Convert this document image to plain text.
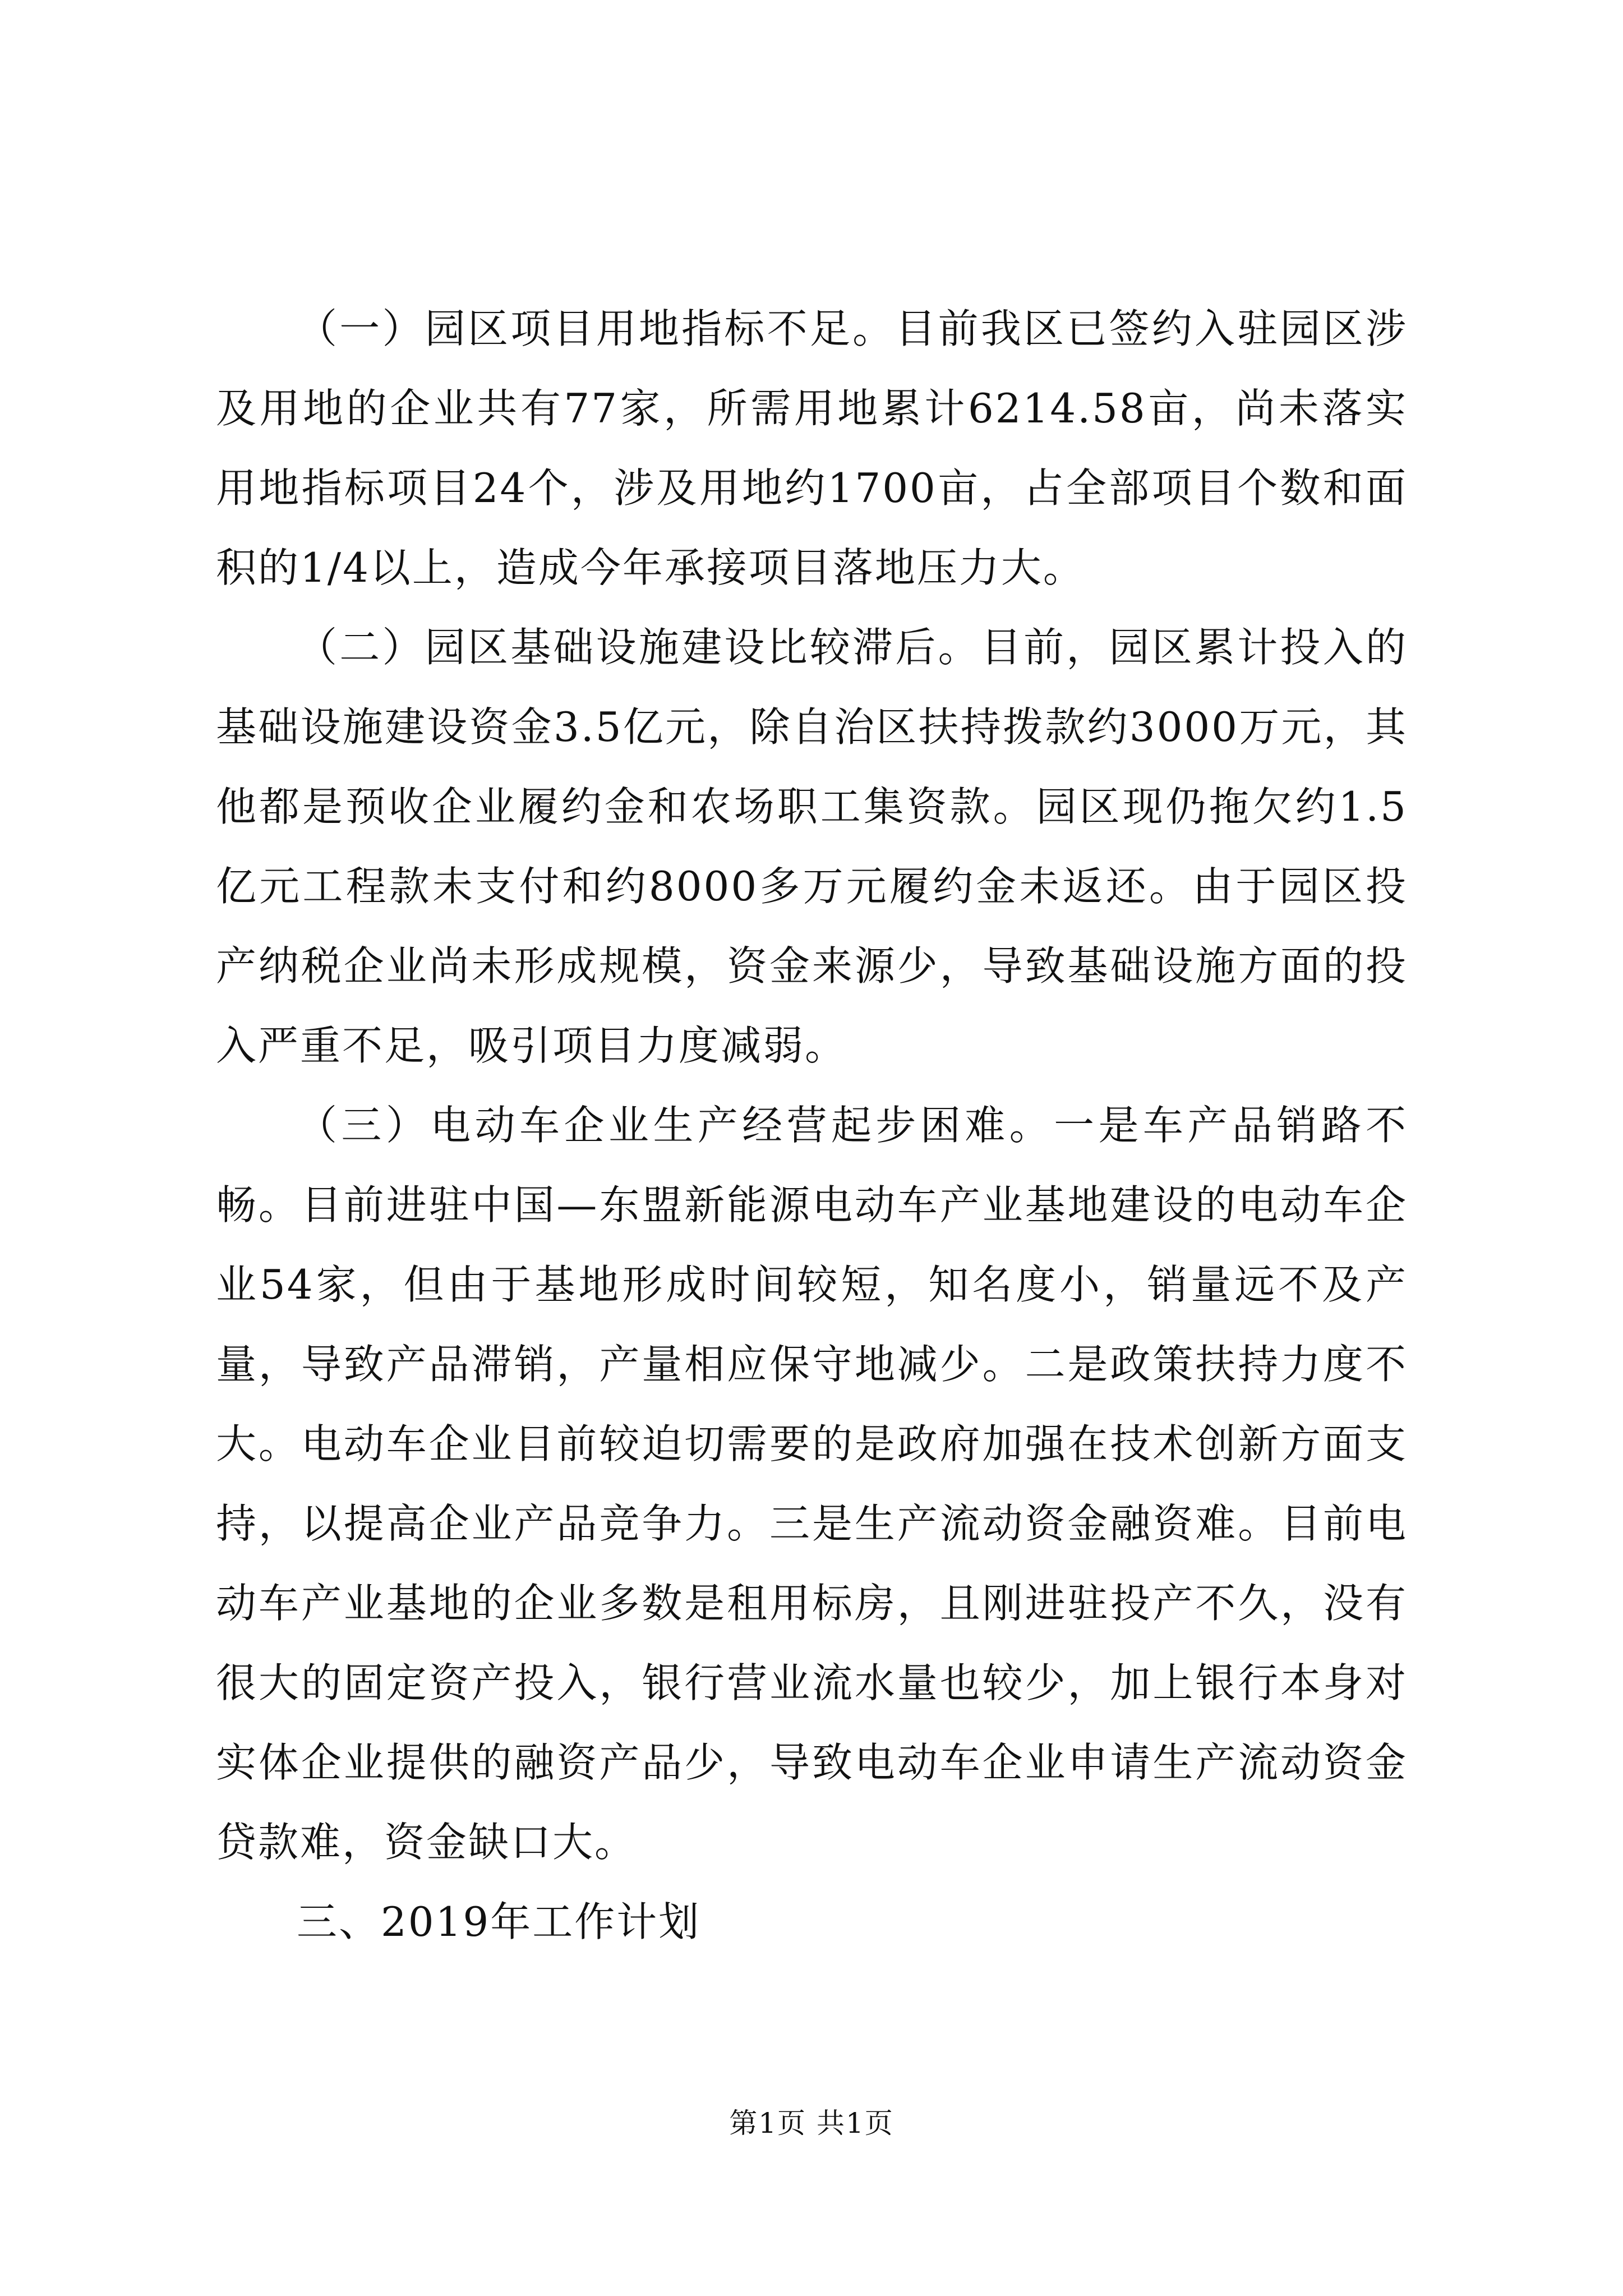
（一）园区项目用地指标不足。目前我区已签约入驻园区涉及用地的企业共有77家，所需用地累计6214.58亩，尚未落实用地指标项目24个，涉及用地约1700亩，占全部项目个数和面积的1/4以上，造成今年承接项目落地压力大。

（二）园区基础设施建设比较滞后。目前，园区累计投入的基础设施建设资金3.5亿元，除自治区扶持拨款约3000万元，其他都是预收企业履约金和农场职工集资款。园区现仍拖欠约1.5亿元工程款未支付和约8000多万元履约金未返还。由于园区投产纳税企业尚未形成规模，资金来源少，导致基础设施方面的投入严重不足，吸引项目力度减弱。

（三）电动车企业生产经营起步困难。一是车产品销路不畅。目前进驻中国—东盟新能源电动车产业基地建设的电动车企业54家，但由于基地形成时间较短，知名度小，销量远不及产量，导致产品滞销，产量相应保守地减少。二是政策扶持力度不大。电动车企业目前较迫切需要的是政府加强在技术创新方面支持，以提高企业产品竞争力。三是生产流动资金融资难。目前电动车产业基地的企业多数是租用标房，且刚进驻投产不久，没有很大的固定资产投入，银行营业流水量也较少，加上银行本身对实体企业提供的融资产品少，导致电动车企业申请生产流动资金贷款难，资金缺口大。

三、2019年工作计划

第1页 共1页
